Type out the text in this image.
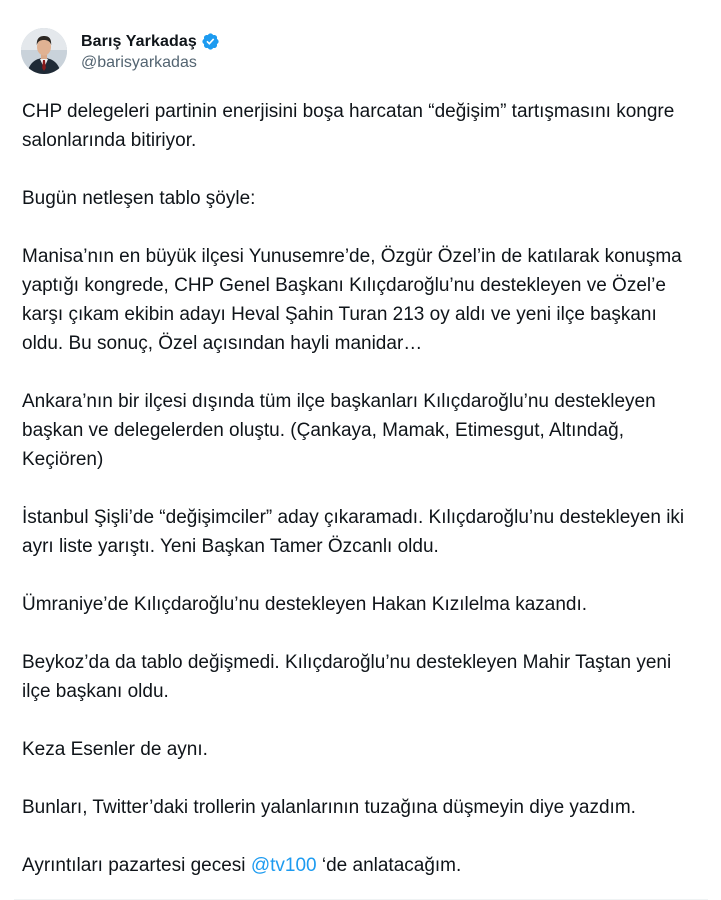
Barış Yarkadaş
@barisyarkadas

CHP delegeleri partinin enerjisini boşa harcatan “değişim” tartışmasını kongre salonlarında bitiriyor.

Bugün netleşen tablo şöyle:

Manisa’nın en büyük ilçesi Yunusemre’de, Özgür Özel’in de katılarak konuşma yaptığı kongrede, CHP Genel Başkanı Kılıçdaroğlu’nu destekleyen ve Özel’e karşı çıkam ekibin adayı Heval Şahin Turan 213 oy aldı ve yeni ilçe başkanı oldu. Bu sonuç, Özel açısından hayli manidar…

Ankara’nın bir ilçesi dışında tüm ilçe başkanları Kılıçdaroğlu’nu destekleyen başkan ve delegelerden oluştu. (Çankaya, Mamak, Etimesgut, Altındağ, Keçiören)

İstanbul Şişli’de “değişimciler” aday çıkaramadı. Kılıçdaroğlu’nu destekleyen iki ayrı liste yarıştı. Yeni Başkan Tamer Özcanlı oldu.

Ümraniye’de Kılıçdaroğlu’nu destekleyen Hakan Kızılelma kazandı.

Beykoz’da da tablo değişmedi. Kılıçdaroğlu’nu destekleyen Mahir Taştan yeni ilçe başkanı oldu.

Keza Esenler de aynı.

Bunları, Twitter’daki trollerin yalanlarının tuzağına düşmeyin diye yazdım.

Ayrıntıları pazartesi gecesi @tv100 ‘de anlatacağım.
